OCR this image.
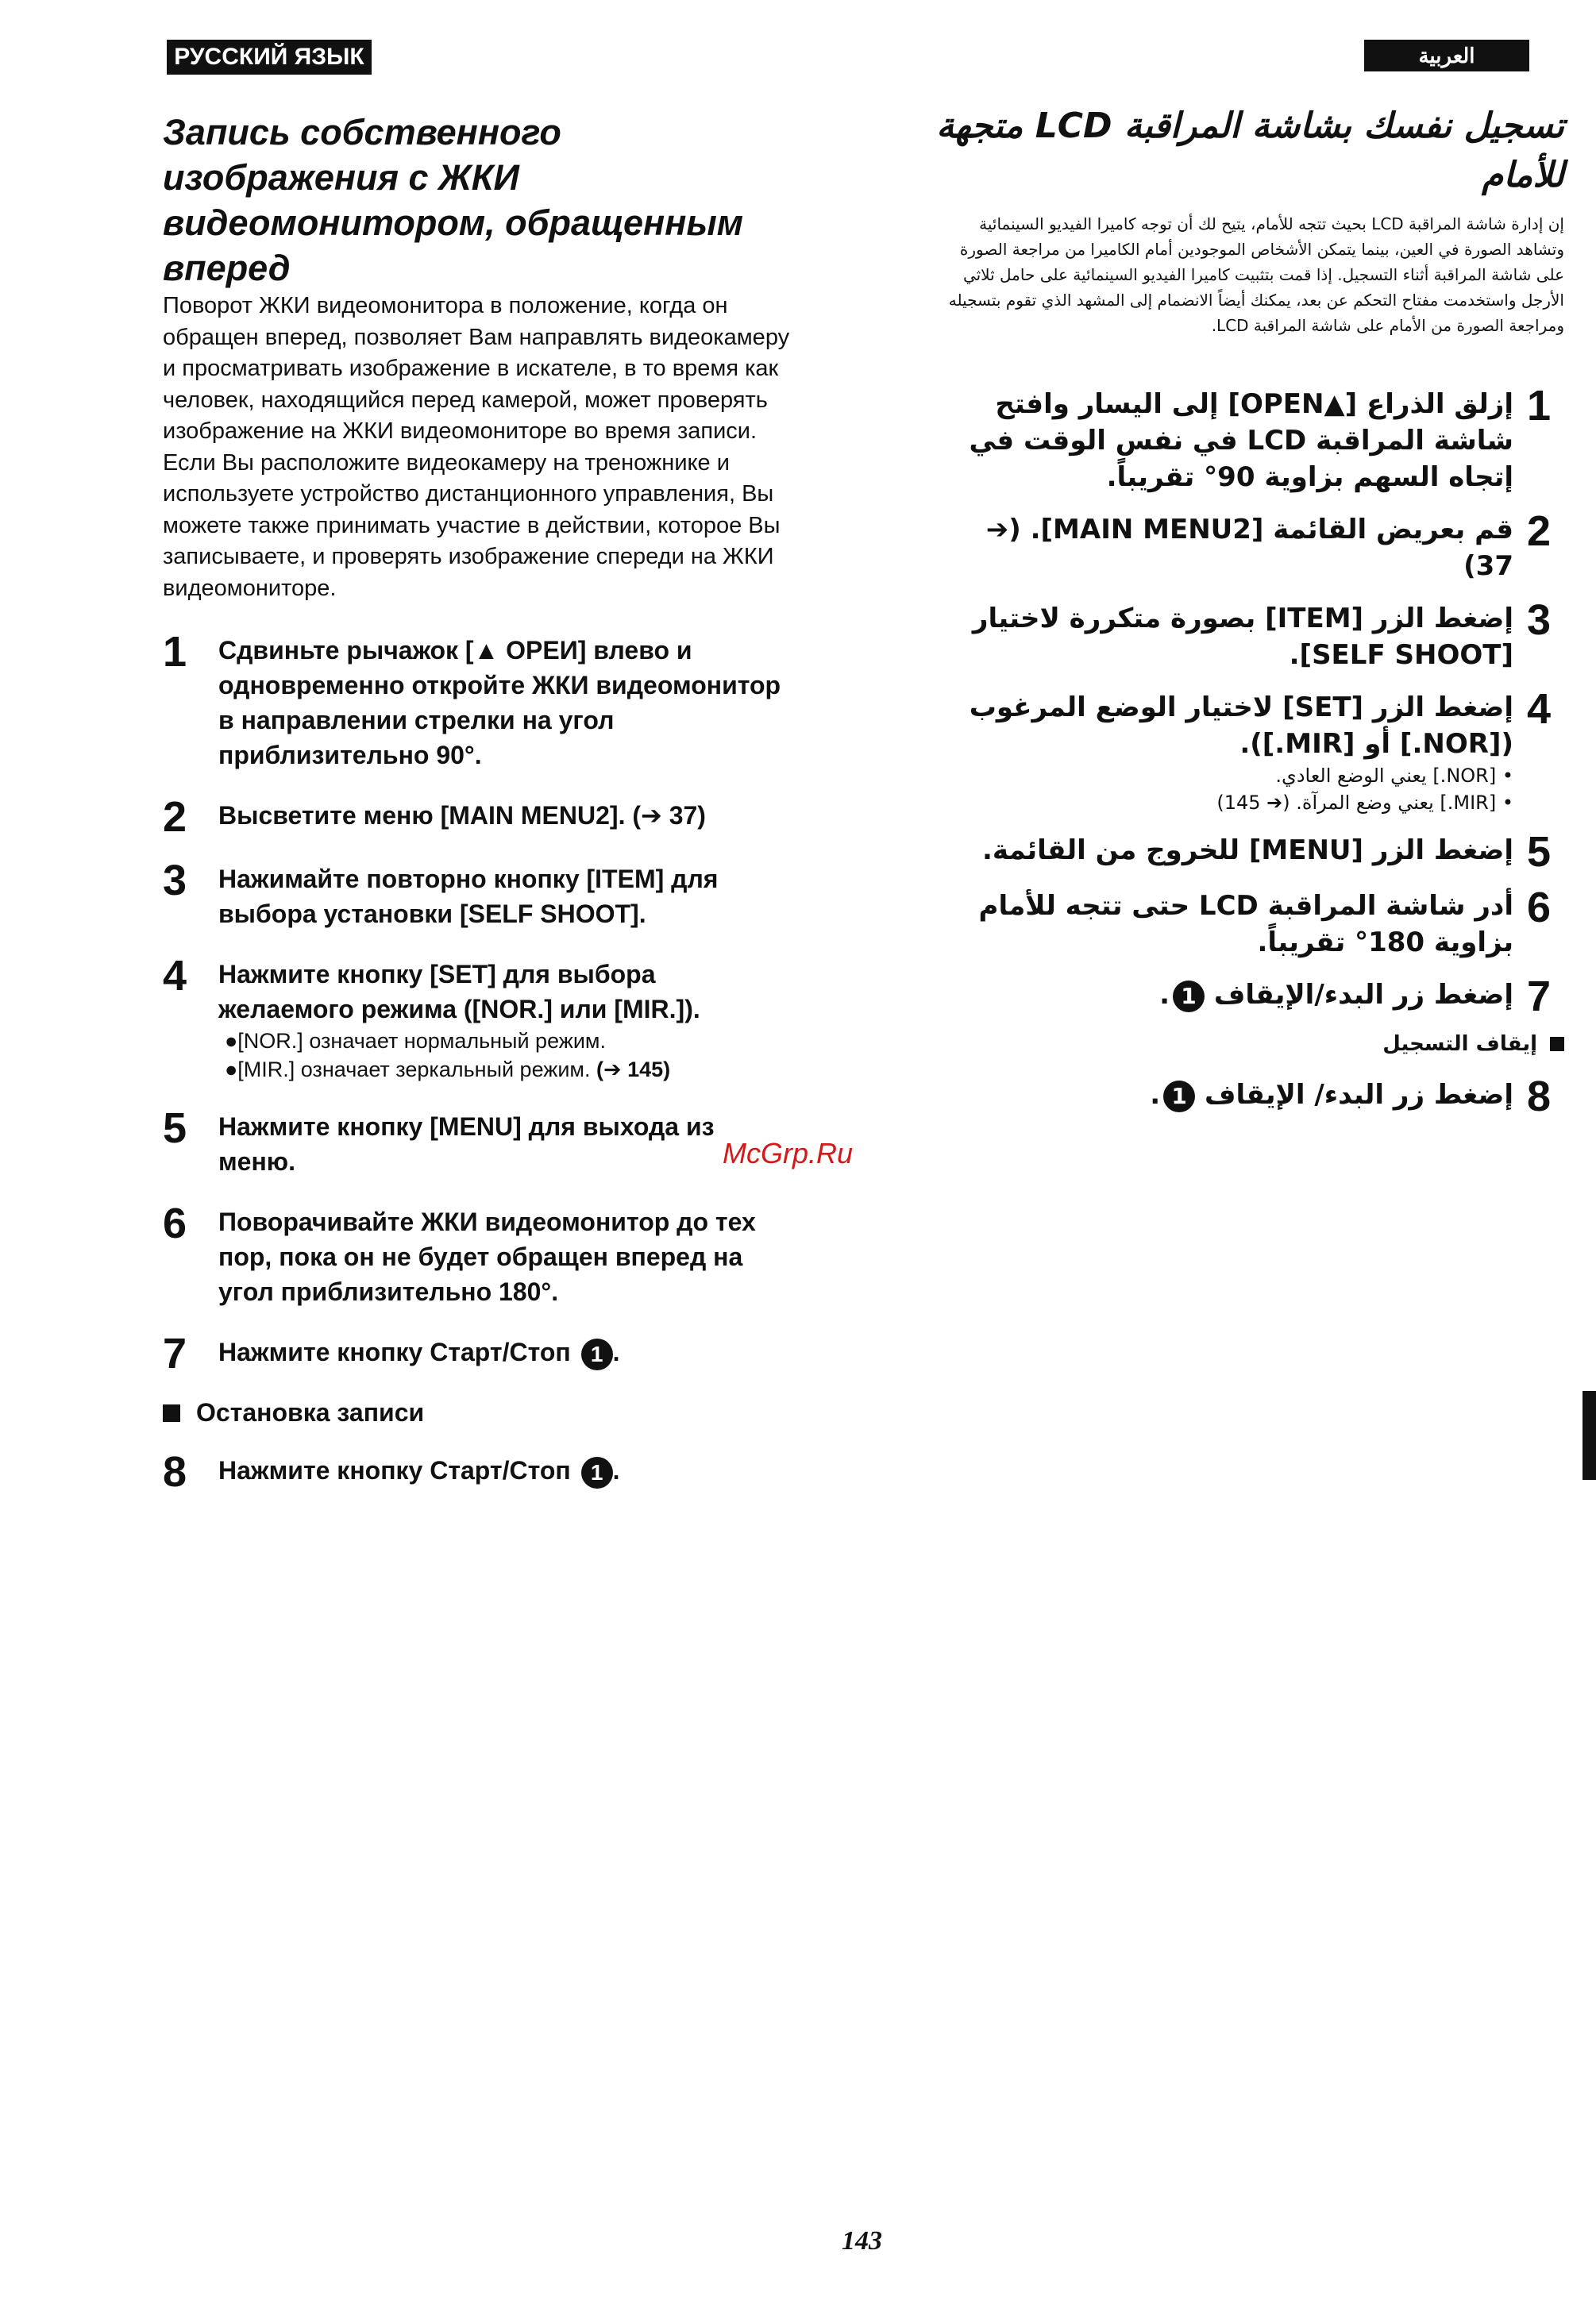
РУССКИЙ ЯЗЫК	العربية
Запись собственного изображения с ЖКИ видеомонитором, обращенным вперед

Поворот ЖКИ видеомонитора в положение, когда он обращен вперед, позволяет Вам направлять видеокамеру и просматривать изображение в искателе, в то время как человек, находящийся перед камерой, может проверять изображение на ЖКИ видеомониторе во время записи. Если Вы расположите видеокамеру на треножнике и используете устройство дистанционного управления, Вы можете также принимать участие в действии, которое Вы записываете, и проверять изображение спереди на ЖКИ видеомониторе.

1	Сдвиньте рычажок [▲ ОРЕИ] влево и одновременно откройте ЖКИ видеомонитор в направлении стрелки на угол приблизительно 90°.
2	Высветите меню [MAIN MENU2]. (➔ 37)
3	Нажимайте повторно кнопку [ITEM] для выбора установки [SELF SHOOT].
4	Нажмите кнопку [SET] для выбора желаемого режима ([NOR.] или [MIR.]).
●[NOR.] означает нормальный режим.
●[MIR.] означает зеркальный режим. (➔ 145)
5	Нажмите кнопку [MENU] для выхода из меню.
6	Поворачивайте ЖКИ видеомонитор до тех пор, пока он не будет обращен вперед на угол приблизительно 180°.
7	Нажмите кнопку Старт/Стоп 1 .
Остановка записи
8	Нажмите кнопку Старт/Стоп 1 .
تسجيل نفسك بشاشة المراقبة LCD متجهة للأمام

إن إدارة شاشة المراقبة LCD بحيث تتجه للأمام، يتيح لك أن توجه كاميرا الفيديو السينمائية وتشاهد الصورة في العين، بينما يتمكن الأشخاص الموجودين أمام الكاميرا من مراجعة الصورة على شاشة المراقبة أثناء التسجيل. إذا قمت بتثبيت كاميرا الفيديو السينمائية على حامل ثلاثي الأرجل واستخدمت مفتاح التحكم عن بعد، يمكنك أيضاً الانضمام إلى المشهد الذي تقوم بتسجيله ومراجعة الصورة من الأمام على شاشة المراقبة LCD.

1
إزلق الذراع [▲OPEN] إلى اليسار وافتح شاشة المراقبة LCD في نفس الوقت في إتجاه السهم بزاوية 90° تقريباً.
2
قم بعريض القائمة [MAIN MENU2]. (➔ 37)
3
إضغط الزر [ITEM] بصورة متكررة لاختيار [SELF SHOOT].
4
إضغط الزر [SET] لاختيار الوضع المرغوب ([NOR.] أو [MIR.]).
• [NOR.] يعني الوضع العادي.
• [MIR.] يعني وضع المرآة. (➔ 145)
5
إضغط الزر [MENU] للخروج من القائمة.
6
أدر شاشة المراقبة LCD حتى تتجه للأمام بزاوية 180° تقريباً.
7
إضغط زر البدء/الإيقاف 1.
إيقاف التسجيل
8
إضغط زر البدء/ الإيقاف 1.
McGrp.Ru
143
